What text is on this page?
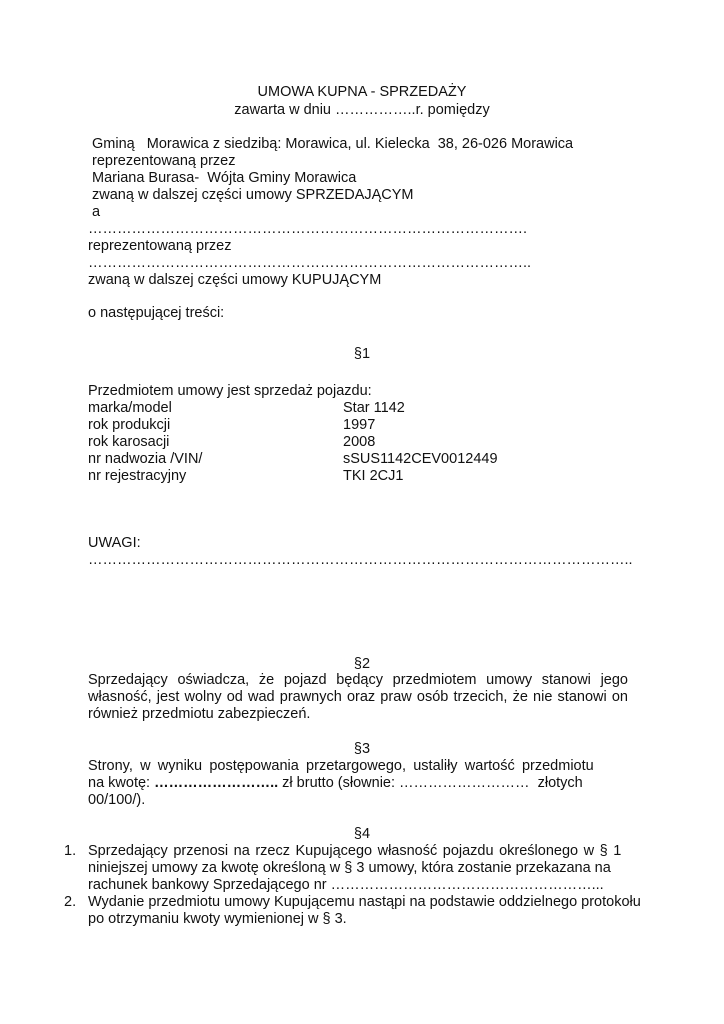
UMOWA KUPNA - SPRZEDAŻY
zawarta w dniu ……………..r. pomiędzy
Gminą   Morawica z siedzibą: Morawica, ul. Kielecka  38, 26-026 Morawica
reprezentowaną przez
Mariana Burasa-  Wójta Gminy Morawica
zwaną w dalszej części umowy SPRZEDAJĄCYM
a
……………………………………………………………………………….
reprezentowaną przez
………………………………………………………………………………..
zwaną w dalszej części umowy KUPUJĄCYM
o następującej treści:
§1
Przedmiotem umowy jest sprzedaż pojazdu:
marka/model	Star 1142
rok produkcji	1997
rok karosacji	2008
nr nadwozia /VIN/	sSUS1142CEV0012449
nr rejestracyjny	TKI 2CJ1
UWAGI:
…………………………………………………………………………………………………..
§2
Sprzedający oświadcza, że pojazd będący przedmiotem umowy stanowi jego własność, jest wolny od wad prawnych oraz praw osób trzecich, że nie stanowi on również przedmiotu zabezpieczeń.
§3
Strony, w wyniku postępowania przetargowego, ustaliły wartość przedmiotu
na kwotę: …………………….. zł brutto (słownie: ………………………  złotych
00/100/).
§4
1. Sprzedający przenosi na rzecz Kupującego własność pojazdu określonego w § 1
niniejszej umowy za kwotę określoną w § 3 umowy, która zostanie przekazana na
rachunek bankowy Sprzedającego nr ………………………………………………...
2. Wydanie przedmiotu umowy Kupującemu nastąpi na podstawie oddzielnego protokołu
po otrzymaniu kwoty wymienionej w § 3.
